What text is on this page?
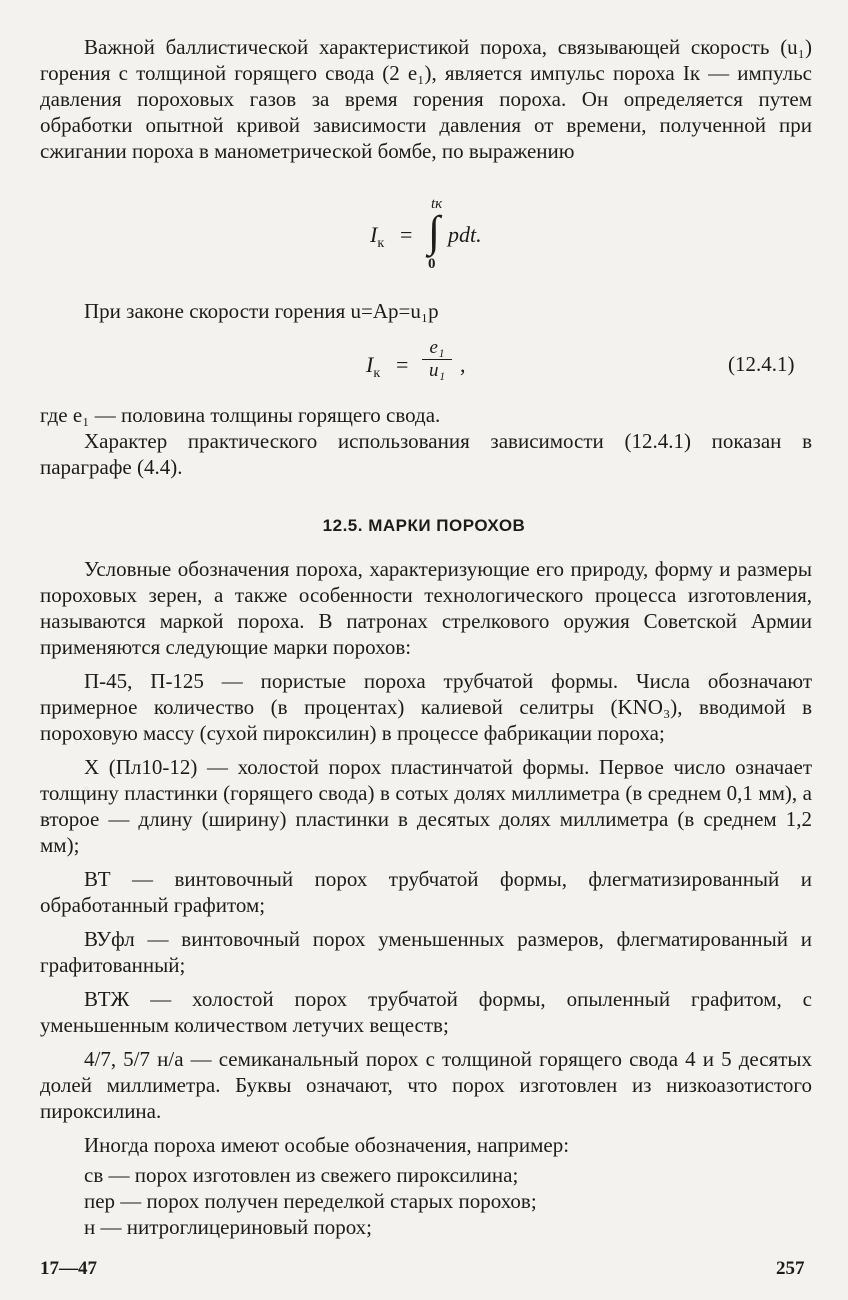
Важной баллистической характеристикой пороха, связывающей скорость (u₁) горения с толщиной горящего свода (2 e₁), является импульс пороха Iк — импульс давления пороховых газов за время горения пороха. Он определяется путем обработки опытной кривой зависимости давления от времени, полученной при сжигании пороха в манометрической бомбе, по выражению

$I_к$ = ∫
tк
0
pdt.

При законе скорости горения u=Ap=u₁p

$I_к$ =
e₁
u₁ ,	(12.4.1)

где e₁ — половина толщины горящего свода.

Характер практического использования зависимости (12.4.1) показан в параграфе (4.4).

12.5. МАРКИ ПОРОХОВ

Условные обозначения пороха, характеризующие его природу, форму и размеры пороховых зерен, а также особенности технологического процесса изготовления, называются маркой пороха. В патронах стрелкового оружия Советской Армии применяются следующие марки порохов:

П-45, П-125 — пористые пороха трубчатой формы. Числа обозначают примерное количество (в процентах) калиевой селитры (KNO₃), вводимой в пороховую массу (сухой пироксилин) в процессе фабрикации пороха;

Х (Пл10-12) — холостой порох пластинчатой формы. Первое число означает толщину пластинки (горящего свода) в сотых долях миллиметра (в среднем 0,1 мм), а второе — длину (ширину) пластинки в десятых долях миллиметра (в среднем 1,2 мм);

ВТ — винтовочный порох трубчатой формы, флегматизированный и обработанный графитом;

ВУфл — винтовочный порох уменьшенных размеров, флегматированный и графитованный;

ВТЖ — холостой порох трубчатой формы, опыленный графитом, с уменьшенным количеством летучих веществ;

4/7, 5/7 н/а — семиканальный порох с толщиной горящего свода 4 и 5 десятых долей миллиметра. Буквы означают, что порох изготовлен из низкоазотистого пироксилина.

Иногда пороха имеют особые обозначения, например:

св — порох изготовлен из свежего пироксилина;

пер — порох получен переделкой старых порохов;

н — нитроглицериновый порох;

17—47	257
